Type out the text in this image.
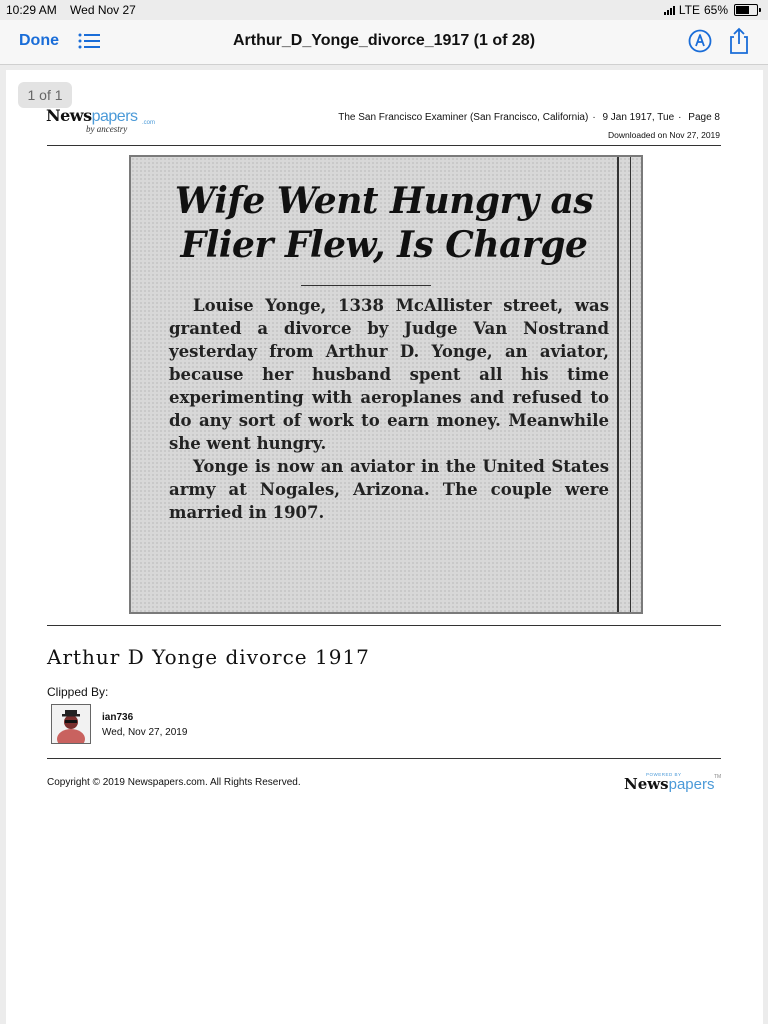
10:29 AM Wed Nov 27	LTE 65%
Done	Arthur_D_Yonge_divorce_1917 (1 of 28)
1 of 1
Newspapers .com
by ancestry
The San Francisco Examiner (San Francisco, California) · 9 Jan 1917, Tue · Page 8
Downloaded on Nov 27, 2019
Wife Went Hungry as
Flier Flew, Is Charge

Louise Yonge, 1338 McAllister street, was granted a divorce by Judge Van Nostrand yesterday from Arthur D. Yonge, an aviator, because her husband spent all his time experimenting with aeroplanes and refused to do any sort of work to earn money. Meanwhile she went hungry.

Yonge is now an aviator in the United States army at Nogales, Arizona. The couple were married in 1907.

Arthur D Yonge divorce 1917
Clipped By:
ian736
Wed, Nov 27, 2019
Copyright © 2019 Newspapers.com. All Rights Reserved.
POWERED BY
Newspapers TM
